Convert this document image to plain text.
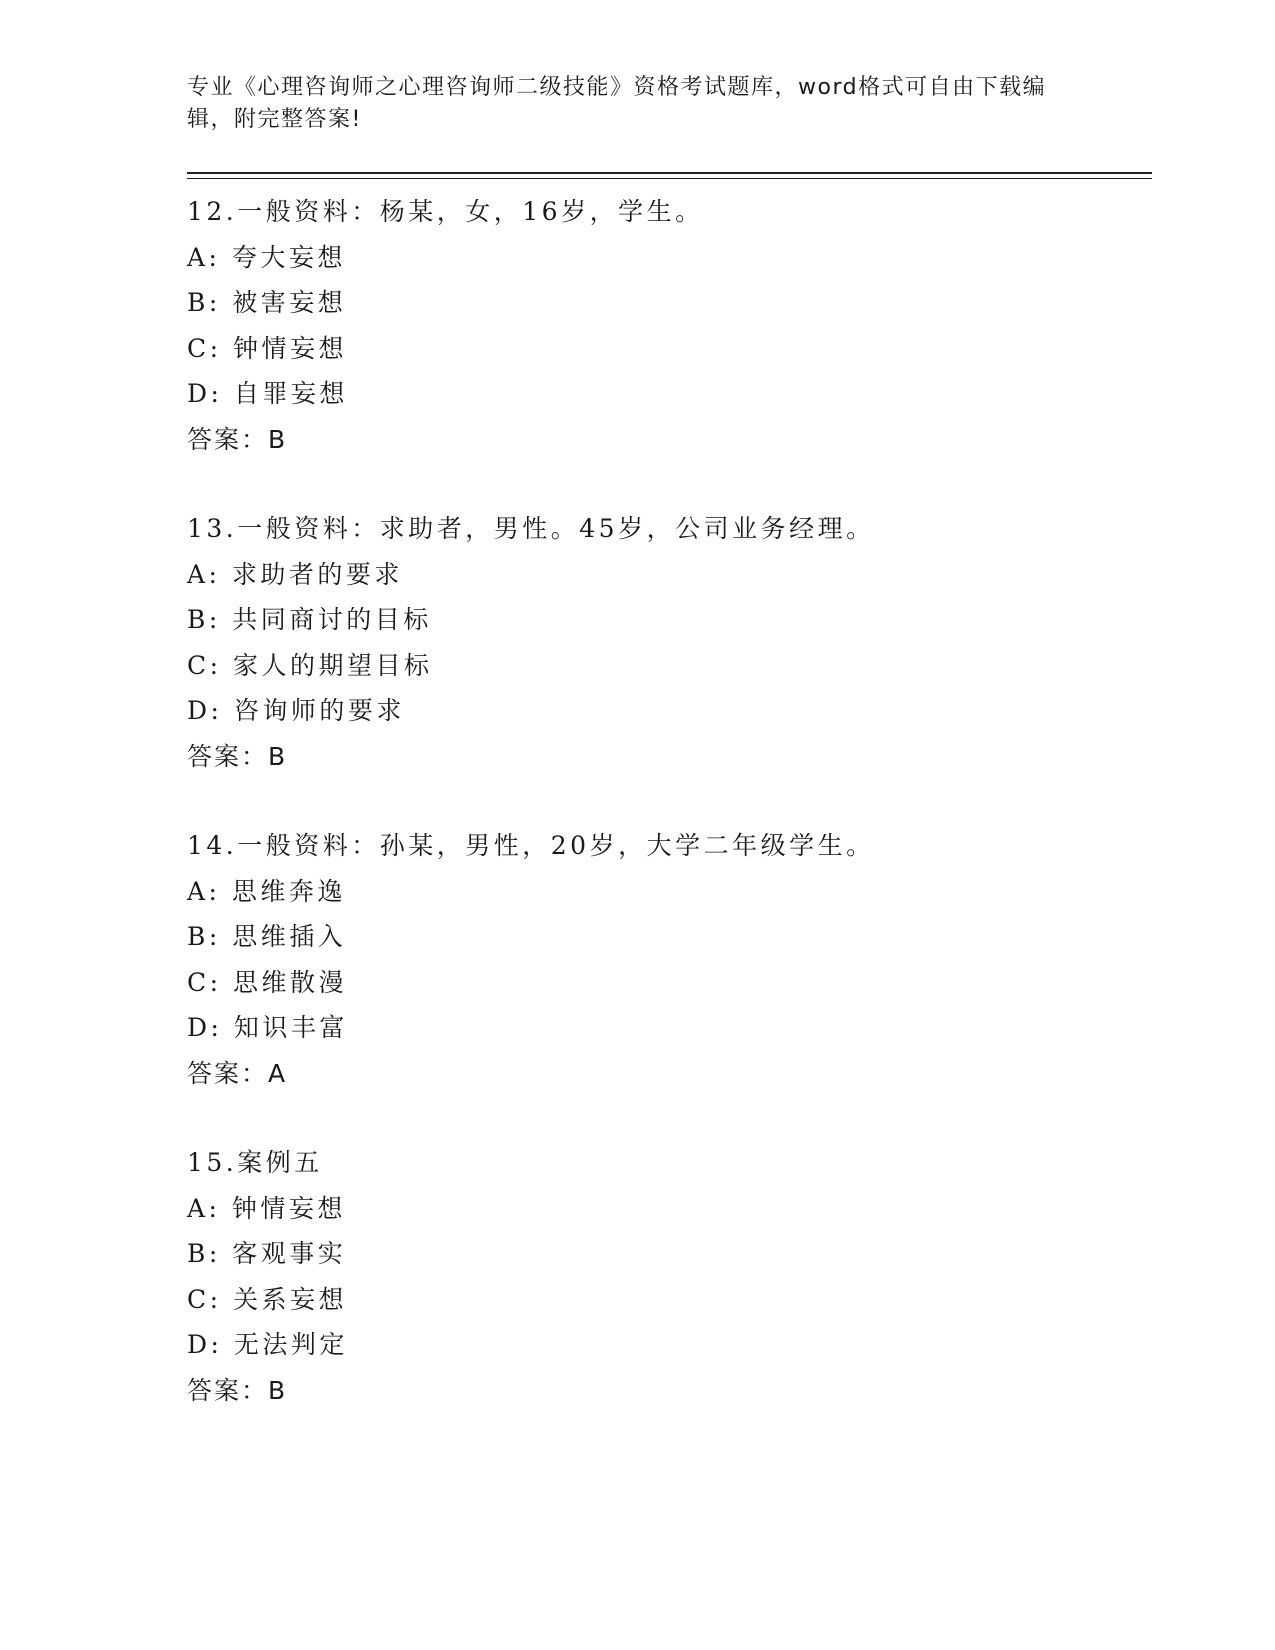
专业《心理咨询师之心理咨询师二级技能》资格考试题库，word格式可自由下载编辑，附完整答案!

12.一般资料：杨某，女，16岁，学生。
A: 夸大妄想
B: 被害妄想
C: 钟情妄想
D: 自罪妄想
答案：B
13.一般资料：求助者，男性。45岁，公司业务经理。
A: 求助者的要求
B: 共同商讨的目标
C: 家人的期望目标
D: 咨询师的要求
答案：B
14.一般资料：孙某，男性，20岁，大学二年级学生。
A: 思维奔逸
B: 思维插入
C: 思维散漫
D: 知识丰富
答案：A
15.案例五
A: 钟情妄想
B: 客观事实
C: 关系妄想
D: 无法判定
答案：B
